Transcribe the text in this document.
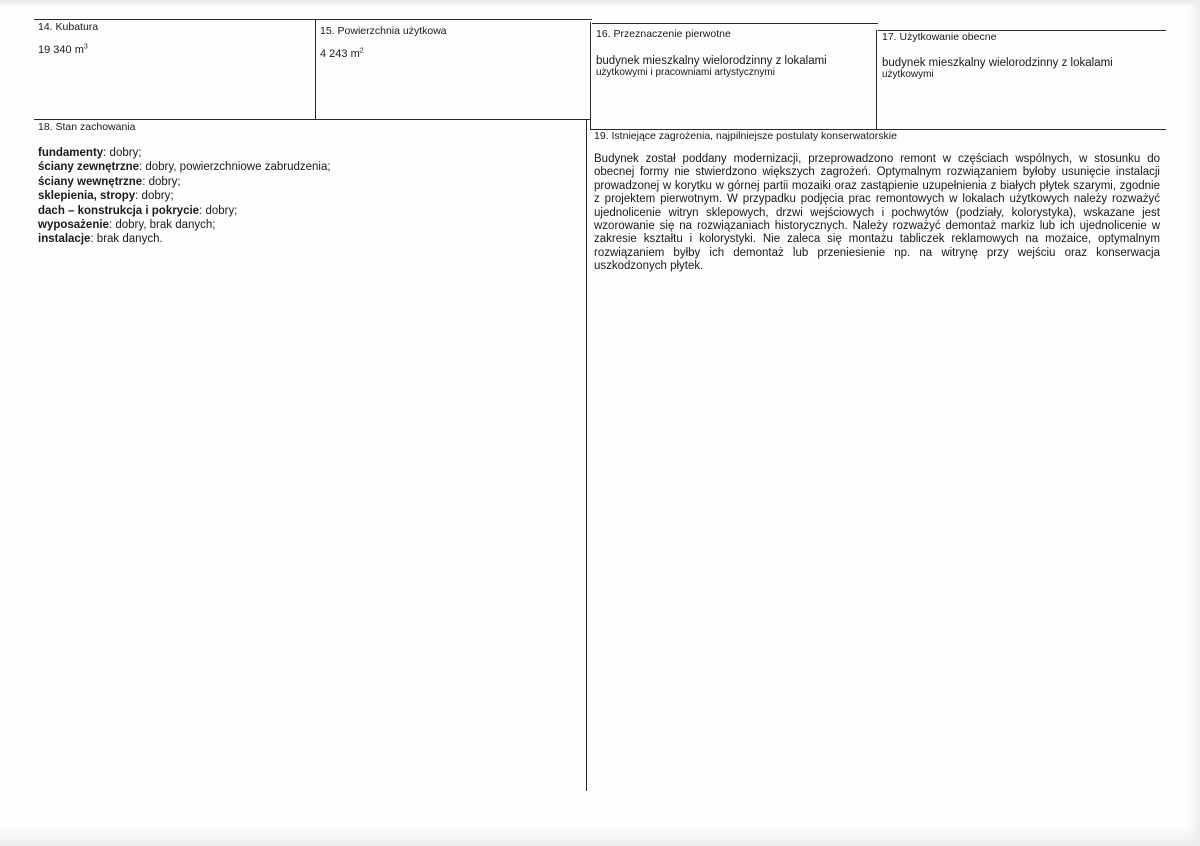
14. Kubatura
19 340 $m^3$
15. Powierzchnia użytkowa
4 243 $m^2$
16. Przeznaczenie pierwotne
budynek mieszkalny wielorodzinny z lokalami
użytkowymi i pracowniami artystycznymi
17. Użytkowanie obecne
budynek mieszkalny wielorodzinny z lokalami
użytkowymi
18. Stan zachowania
fundamenty: dobry;
ściany zewnętrzne: dobry, powierzchniowe zabrudzenia;
ściany wewnętrzne: dobry;
sklepienia, stropy: dobry;
dach – konstrukcja i pokrycie: dobry;
wyposażenie: dobry, brak danych;
instalacje: brak danych.
19. Istniejące zagrożenia, najpilniejsze postulaty konserwatorskie
Budynek został poddany modernizacji, przeprowadzono remont w częściach wspólnych, w stosunku do obecnej formy nie stwierdzono większych zagrożeń. Optymalnym rozwiązaniem byłoby usunięcie instalacji prowadzonej w korytku w górnej partii mozaiki oraz zastąpienie uzupełnienia z białych płytek szarymi, zgodnie z projektem pierwotnym. W przypadku podjęcia prac remontowych w lokalach użytkowych należy rozważyć ujednolicenie witryn sklepowych, drzwi wejściowych i pochwytów (podziały, kolorystyka), wskazane jest wzorowanie się na rozwiązaniach historycznych. Należy rozważyć demontaż markiz lub ich ujednolicenie w zakresie kształtu i kolorystyki. Nie zaleca się montażu tabliczek reklamowych na mozaice, optymalnym rozwiązaniem byłby ich demontaż lub przeniesienie np. na witrynę przy wejściu oraz konserwacja uszkodzonych płytek.
